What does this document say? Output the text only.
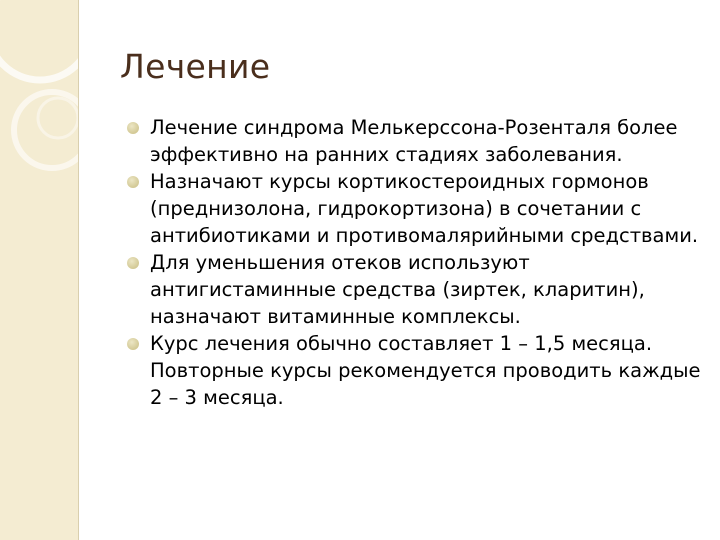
Лечение
Лечение синдрома Мелькерссона-Розенталя более эффективно на ранних стадиях заболевания.
Назначают курсы кортикостероидных гормонов (преднизолона, гидрокортизона) в сочетании с антибиотиками и противомалярийными средствами.
Для уменьшения отеков используют антигистаминные средства (зиртек, кларитин), назначают витаминные комплексы.
Курс лечения обычно составляет 1 – 1,5 месяца. Повторные курсы рекомендуется проводить каждые 2 – 3 месяца.
